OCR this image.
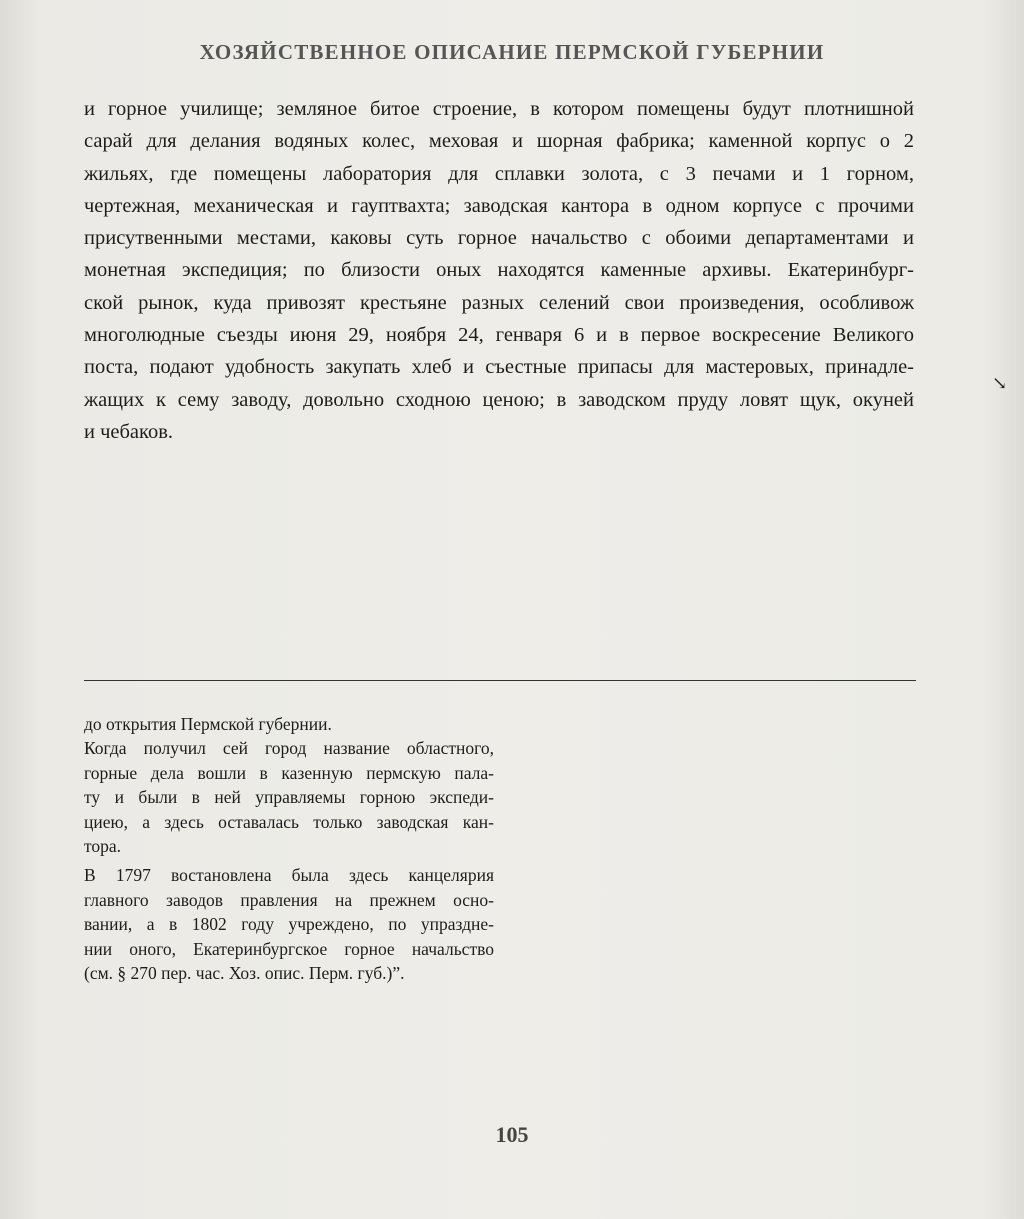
ХОЗЯЙСТВЕННОЕ ОПИСАНИЕ ПЕРМСКОЙ ГУБЕРНИИ
и горное училище; земляное битое строение, в котором помещены будут плотнишной
сарай для делания водяных колес, меховая и шорная фабрика; каменной корпус о 2
жильях, где помещены лаборатория для сплавки золота, с 3 печами и 1 горном,
чертежная, механическая и гауптвахта; заводская кантора в одном корпусе с прочими
присутвенными местами, каковы суть горное начальство с обоими департаментами и
монетная экспедиция; по близости оных находятся каменные архивы. Екатеринбург-
ской рынок, куда привозят крестьяне разных селений свои произведения, особливож
многолюдные съезды июня 29, ноября 24, генваря 6 и в первое воскресение Великого
поста, подают удобность закупать хлеб и съестные припасы для мастеровых, принадле-
жащих к сему заводу, довольно сходною ценою; в заводском пруду ловят щук, окуней
и чебаков.
↘
до открытия Пермской губернии.
Когда получил сей город название областного,
горные дела вошли в казенную пермскую пала-
ту и были в ней управляемы горною экспеди-
циею, а здесь оставалась только заводская кан-
тора.
В 1797 востановлена была здесь канцелярия
главного заводов правления на прежнем осно-
вании, а в 1802 году учреждено, по упраздне-
нии оного, Екатеринбургское горное начальство
(см. § 270 пер. час. Хоз. опис. Перм. губ.)”.
105
